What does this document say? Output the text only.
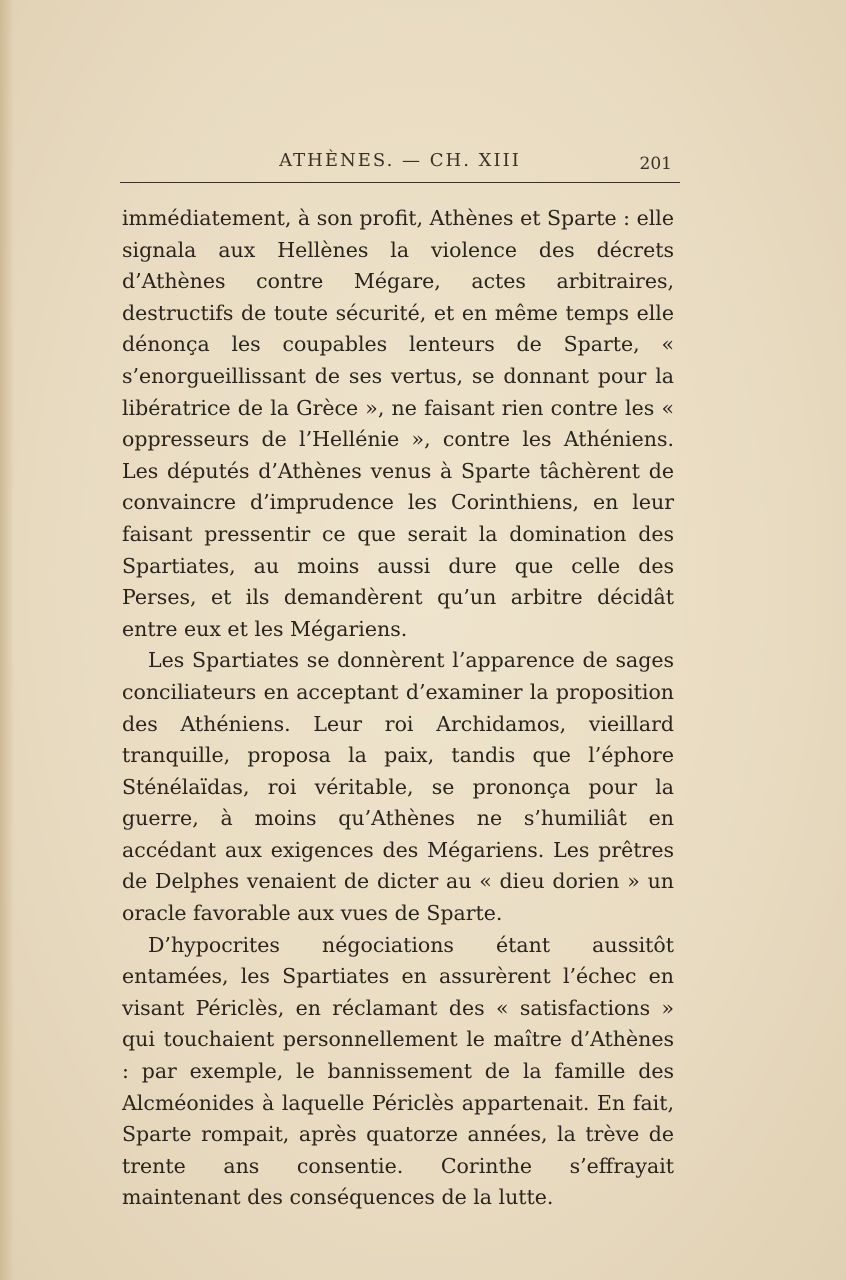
ATHÈNES. — CH. XIII	201

immédiatement, à son profit, Athènes et Sparte : elle signala aux Hellènes la violence des décrets d’Athènes contre Mégare, actes arbitraires, destructifs de toute sécurité, et en même temps elle dénonça les coupables lenteurs de Sparte, « s’enorgueillissant de ses vertus, se donnant pour la libératrice de la Grèce », ne faisant rien contre les « oppresseurs de l’Hellénie », contre les Athéniens. Les députés d’Athènes venus à Sparte tâchèrent de convaincre d’imprudence les Corinthiens, en leur faisant pressentir ce que serait la domination des Spartiates, au moins aussi dure que celle des Perses, et ils demandèrent qu’un arbitre décidât entre eux et les Mégariens.

Les Spartiates se donnèrent l’apparence de sages conciliateurs en acceptant d’examiner la proposition des Athéniens. Leur roi Archidamos, vieillard tranquille, proposa la paix, tandis que l’éphore Sténélaïdas, roi véritable, se prononça pour la guerre, à moins qu’Athènes ne s’humiliât en accédant aux exigences des Mégariens. Les prêtres de Delphes venaient de dicter au « dieu dorien » un oracle favorable aux vues de Sparte.

D’hypocrites négociations étant aussitôt entamées, les Spartiates en assurèrent l’échec en visant Périclès, en réclamant des « satisfactions » qui touchaient personnellement le maître d’Athènes : par exemple, le bannissement de la famille des Alcméonides à laquelle Périclès appartenait. En fait, Sparte rompait, après quatorze années, la trève de trente ans consentie. Corinthe s’effrayait maintenant des conséquences de la lutte.
